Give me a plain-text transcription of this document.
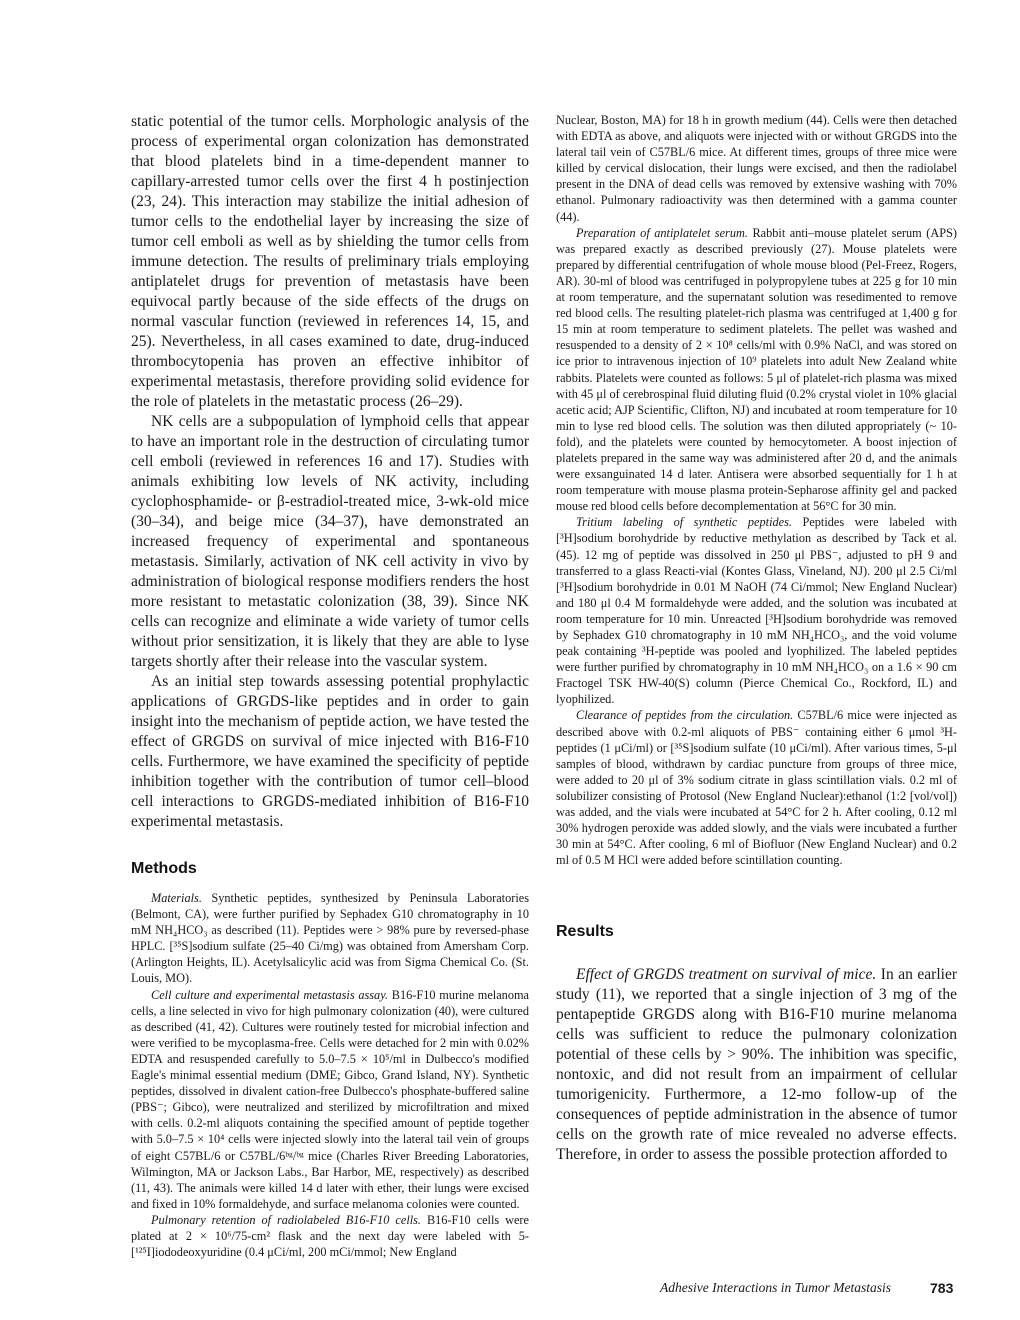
static potential of the tumor cells. Morphologic analysis of the process of experimental organ colonization has demonstrated that blood platelets bind in a time-dependent manner to capillary-arrested tumor cells over the first 4 h postinjection (23, 24). This interaction may stabilize the initial adhesion of tumor cells to the endothelial layer by increasing the size of tumor cell emboli as well as by shielding the tumor cells from immune detection. The results of preliminary trials employing antiplatelet drugs for prevention of metastasis have been equivocal partly because of the side effects of the drugs on normal vascular function (reviewed in references 14, 15, and 25). Nevertheless, in all cases examined to date, drug-induced thrombocytopenia has proven an effective inhibitor of experimental metastasis, therefore providing solid evidence for the role of platelets in the metastatic process (26–29).

NK cells are a subpopulation of lymphoid cells that appear to have an important role in the destruction of circulating tumor cell emboli (reviewed in references 16 and 17). Studies with animals exhibiting low levels of NK activity, including cyclophosphamide- or β-estradiol-treated mice, 3-wk-old mice (30–34), and beige mice (34–37), have demonstrated an increased frequency of experimental and spontaneous metastasis. Similarly, activation of NK cell activity in vivo by administration of biological response modifiers renders the host more resistant to metastatic colonization (38, 39). Since NK cells can recognize and eliminate a wide variety of tumor cells without prior sensitization, it is likely that they are able to lyse targets shortly after their release into the vascular system.

As an initial step towards assessing potential prophylactic applications of GRGDS-like peptides and in order to gain insight into the mechanism of peptide action, we have tested the effect of GRGDS on survival of mice injected with B16-F10 cells. Furthermore, we have examined the specificity of peptide inhibition together with the contribution of tumor cell–blood cell interactions to GRGDS-mediated inhibition of B16-F10 experimental metastasis.

Methods

Materials. Synthetic peptides, synthesized by Peninsula Laboratories (Belmont, CA), were further purified by Sephadex G10 chromatography in 10 mM NH₄HCO₃ as described (11). Peptides were > 98% pure by reversed-phase HPLC. [³⁵S]sodium sulfate (25–40 Ci/mg) was obtained from Amersham Corp. (Arlington Heights, IL). Acetylsalicylic acid was from Sigma Chemical Co. (St. Louis, MO).

Cell culture and experimental metastasis assay. B16-F10 murine melanoma cells, a line selected in vivo for high pulmonary colonization (40), were cultured as described (41, 42). Cultures were routinely tested for microbial infection and were verified to be mycoplasma-free. Cells were detached for 2 min with 0.02% EDTA and resuspended carefully to 5.0–7.5 × 10⁵/ml in Dulbecco's modified Eagle's minimal essential medium (DME; Gibco, Grand Island, NY). Synthetic peptides, dissolved in divalent cation-free Dulbecco's phosphate-buffered saline (PBS⁻; Gibco), were neutralized and sterilized by microfiltration and mixed with cells. 0.2-ml aliquots containing the specified amount of peptide together with 5.0–7.5 × 10⁴ cells were injected slowly into the lateral tail vein of groups of eight C57BL/6 or C57BL/6ᵇᵍ/ᵇᵍ mice (Charles River Breeding Laboratories, Wilmington, MA or Jackson Labs., Bar Harbor, ME, respectively) as described (11, 43). The animals were killed 14 d later with ether, their lungs were excised and fixed in 10% formaldehyde, and surface melanoma colonies were counted.

Pulmonary retention of radiolabeled B16-F10 cells. B16-F10 cells were plated at 2 × 10⁶/75-cm² flask and the next day were labeled with 5-[¹²⁵I]iododeoxyuridine (0.4 μCi/ml, 200 mCi/mmol; New England

Nuclear, Boston, MA) for 18 h in growth medium (44). Cells were then detached with EDTA as above, and aliquots were injected with or without GRGDS into the lateral tail vein of C57BL/6 mice. At different times, groups of three mice were killed by cervical dislocation, their lungs were excised, and then the radiolabel present in the DNA of dead cells was removed by extensive washing with 70% ethanol. Pulmonary radioactivity was then determined with a gamma counter (44).

Preparation of antiplatelet serum. Rabbit anti–mouse platelet serum (APS) was prepared exactly as described previously (27). Mouse platelets were prepared by differential centrifugation of whole mouse blood (Pel-Freez, Rogers, AR). 30-ml of blood was centrifuged in polypropylene tubes at 225 g for 10 min at room temperature, and the supernatant solution was resedimented to remove red blood cells. The resulting platelet-rich plasma was centrifuged at 1,400 g for 15 min at room temperature to sediment platelets. The pellet was washed and resuspended to a density of 2 × 10⁸ cells/ml with 0.9% NaCl, and was stored on ice prior to intravenous injection of 10⁹ platelets into adult New Zealand white rabbits. Platelets were counted as follows: 5 μl of platelet-rich plasma was mixed with 45 μl of cerebrospinal fluid diluting fluid (0.2% crystal violet in 10% glacial acetic acid; AJP Scientific, Clifton, NJ) and incubated at room temperature for 10 min to lyse red blood cells. The solution was then diluted appropriately (~ 10-fold), and the platelets were counted by hemocytometer. A boost injection of platelets prepared in the same way was administered after 20 d, and the animals were exsanguinated 14 d later. Antisera were absorbed sequentially for 1 h at room temperature with mouse plasma protein-Sepharose affinity gel and packed mouse red blood cells before decomplementation at 56°C for 30 min.

Tritium labeling of synthetic peptides. Peptides were labeled with [³H]sodium borohydride by reductive methylation as described by Tack et al. (45). 12 mg of peptide was dissolved in 250 μl PBS⁻, adjusted to pH 9 and transferred to a glass Reacti-vial (Kontes Glass, Vineland, NJ). 200 μl 2.5 Ci/ml [³H]sodium borohydride in 0.01 M NaOH (74 Ci/mmol; New England Nuclear) and 180 μl 0.4 M formaldehyde were added, and the solution was incubated at room temperature for 10 min. Unreacted [³H]sodium borohydride was removed by Sephadex G10 chromatography in 10 mM NH₄HCO₃, and the void volume peak containing ³H-peptide was pooled and lyophilized. The labeled peptides were further purified by chromatography in 10 mM NH₄HCO₃ on a 1.6 × 90 cm Fractogel TSK HW-40(S) column (Pierce Chemical Co., Rockford, IL) and lyophilized.

Clearance of peptides from the circulation. C57BL/6 mice were injected as described above with 0.2-ml aliquots of PBS⁻ containing either 6 μmol ³H-peptides (1 μCi/ml) or [³⁵S]sodium sulfate (10 μCi/ml). After various times, 5-μl samples of blood, withdrawn by cardiac puncture from groups of three mice, were added to 20 μl of 3% sodium citrate in glass scintillation vials. 0.2 ml of solubilizer consisting of Protosol (New England Nuclear):ethanol (1:2 [vol/vol]) was added, and the vials were incubated at 54°C for 2 h. After cooling, 0.12 ml 30% hydrogen peroxide was added slowly, and the vials were incubated a further 30 min at 54°C. After cooling, 6 ml of Biofluor (New England Nuclear) and 0.2 ml of 0.5 M HCl were added before scintillation counting.

Results

Effect of GRGDS treatment on survival of mice. In an earlier study (11), we reported that a single injection of 3 mg of the pentapeptide GRGDS along with B16-F10 murine melanoma cells was sufficient to reduce the pulmonary colonization potential of these cells by > 90%. The inhibition was specific, nontoxic, and did not result from an impairment of cellular tumorigenicity. Furthermore, a 12-mo follow-up of the consequences of peptide administration in the absence of tumor cells on the growth rate of mice revealed no adverse effects. Therefore, in order to assess the possible protection afforded to

Adhesive Interactions in Tumor Metastasis	783
